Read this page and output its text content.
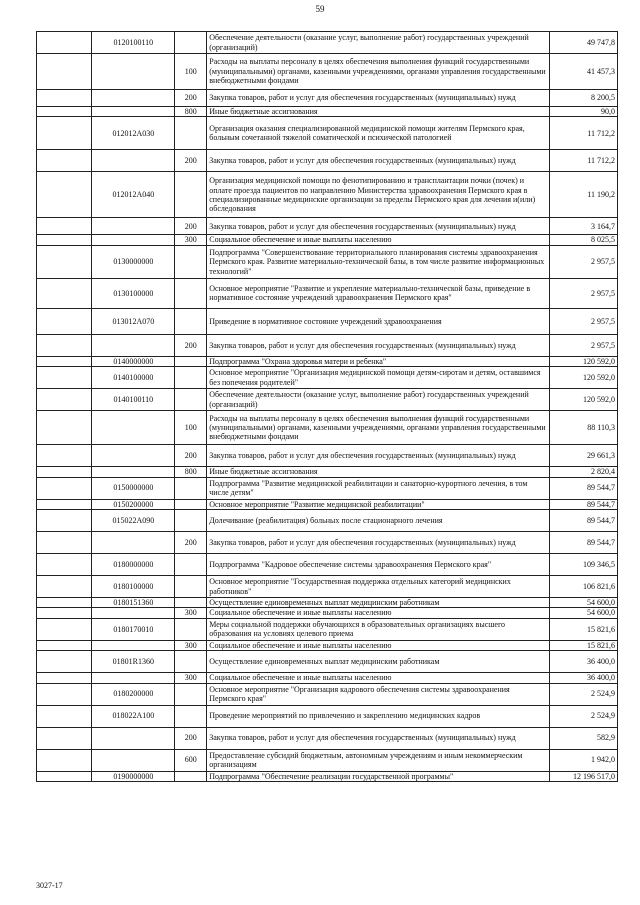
59
	0120100110		Обеспечение деятельности (оказание услуг, выполнение работ) государственных учреждений (организаций)	49 747,8
		100	Расходы на выплаты персоналу в целях обеспечения выполнения функций государственными (муниципальными) органами, казенными учреждениями, органами управления государственными внебюджетными фондами	41 457,3
		200	Закупка товаров, работ и услуг для обеспечения государственных (муниципальных) нужд	8 200,5
		800	Иные бюджетные ассигнования	90,0
	012012А030		Организация оказания специализированной медицинской помощи жителям Пермского края, больным сочетанной тяжелой соматической и психической патологией	11 712,2
		200	Закупка товаров, работ и услуг для обеспечения государственных (муниципальных) нужд	11 712,2
	012012А040		Организация медицинской помощи по фенотипированию и трансплантации почки (почек) и оплате проезда пациентов по направлению Министерства здравоохранения Пермского края в специализированные медицинские организации за пределы Пермского края для лечения и(или) обследования	11 190,2
		200	Закупка товаров, работ и услуг для обеспечения государственных (муниципальных) нужд	3 164,7
		300	Социальное обеспечение и иные выплаты населению	8 025,5
	0130000000		Подпрограмма "Совершенствование территориального планирования системы здравоохранения Пермского края. Развитие материально-технической базы, в том числе развитие информационных технологий"	2 957,5
	0130100000		Основное мероприятие "Развитие и укрепление материально-технической базы, приведение в нормативное состояние учреждений здравоохранения Пермского края"	2 957,5
	013012А070		Приведение в нормативное состояние учреждений здравоохранения	2 957,5
		200	Закупка товаров, работ и услуг для обеспечения государственных (муниципальных) нужд	2 957,5
	0140000000		Подпрограмма "Охрана здоровья матери и ребенка"	120 592,0
	0140100000		Основное мероприятие "Организация медицинской помощи детям-сиротам и детям, оставшимся без попечения родителей"	120 592,0
	0140100110		Обеспечение деятельности (оказание услуг, выполнение работ) государственных учреждений (организаций)	120 592,0
		100	Расходы на выплаты персоналу в целях обеспечения выполнения функций государственными (муниципальными) органами, казенными учреждениями, органами управления государственными внебюджетными фондами	88 110,3
		200	Закупка товаров, работ и услуг для обеспечения государственных (муниципальных) нужд	29 661,3
		800	Иные бюджетные ассигнования	2 820,4
	0150000000		Подпрограмма "Развитие медицинской реабилитации и санаторно-курортного лечения, в том числе детям"	89 544,7
	0150200000		Основное мероприятие "Развитие медицинской реабилитации"	89 544,7
	015022А090		Долечивание (реабилитация) больных после стационарного лечения	89 544,7
		200	Закупка товаров, работ и услуг для обеспечения государственных (муниципальных) нужд	89 544,7
	0180000000		Подпрограмма "Кадровое обеспечение системы здравоохранения Пермского края"	109 346,5
	0180100000		Основное мероприятие "Государственная поддержка отдельных категорий медицинских работников"	106 821,6
	0180151360		Осуществление единовременных выплат медицинским работникам	54 600,0
		300	Социальное обеспечение и иные выплаты населению	54 600,0
	0180170010		Меры социальной поддержки обучающихся в образовательных организациях высшего образования на условиях целевого приема	15 821,6
		300	Социальное обеспечение и иные выплаты населению	15 821,6
	01801R1360		Осуществление единовременных выплат медицинским работникам	36 400,0
		300	Социальное обеспечение и иные выплаты населению	36 400,0
	0180200000		Основное мероприятие "Организация кадрового обеспечения системы здравоохранения Пермского края"	2 524,9
	018022А100		Проведение мероприятий по привлечению и закреплению медицинских кадров	2 524,9
		200	Закупка товаров, работ и услуг для обеспечения государственных (муниципальных) нужд	582,9
		600	Предоставление субсидий бюджетным, автономным учреждениям и иным некоммерческим организациям	1 942,0
	0190000000		Подпрограмма "Обеспечение реализации государственной программы"	12 196 517,0
3027-17
